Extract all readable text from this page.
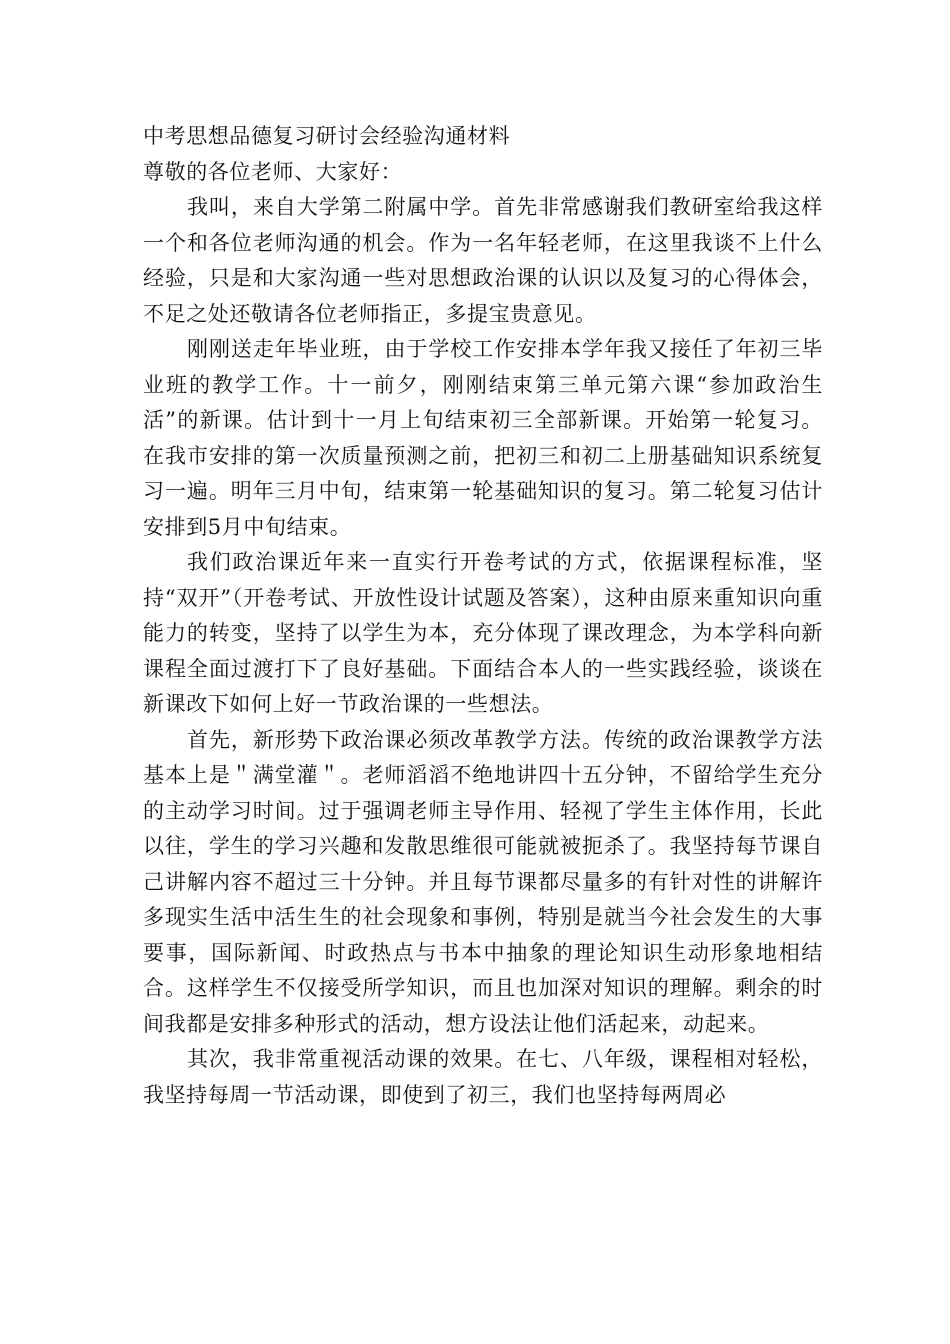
中考思想品德复习研讨会经验沟通材料

尊敬的各位老师、大家好：

我叫，来自大学第二附属中学。首先非常感谢我们教研室给我这样一个和各位老师沟通的机会。作为一名年轻老师，在这里我谈不上什么经验，只是和大家沟通一些对思想政治课的认识以及复习的心得体会，不足之处还敬请各位老师指正，多提宝贵意见。

刚刚送走年毕业班，由于学校工作安排本学年我又接任了年初三毕业班的教学工作。十一前夕，刚刚结束第三单元第六课“参加政治生活”的新课。估计到十一月上旬结束初三全部新课。开始第一轮复习。在我市安排的第一次质量预测之前，把初三和初二上册基础知识系统复习一遍。明年三月中旬，结束第一轮基础知识的复习。第二轮复习估计安排到5月中旬结束。

我们政治课近年来一直实行开卷考试的方式，依据课程标准，坚持“双开”（开卷考试、开放性设计试题及答案），这种由原来重知识向重能力的转变，坚持了以学生为本，充分体现了课改理念，为本学科向新课程全面过渡打下了良好基础。下面结合本人的一些实践经验，谈谈在新课改下如何上好一节政治课的一些想法。

首先，新形势下政治课必须改革教学方法。传统的政治课教学方法基本上是＂满堂灌＂。老师滔滔不绝地讲四十五分钟，不留给学生充分的主动学习时间。过于强调老师主导作用、轻视了学生主体作用，长此以往，学生的学习兴趣和发散思维很可能就被扼杀了。我坚持每节课自己讲解内容不超过三十分钟。并且每节课都尽量多的有针对性的讲解许多现实生活中活生生的社会现象和事例，特别是就当今社会发生的大事要事，国际新闻、时政热点与书本中抽象的理论知识生动形象地相结合。这样学生不仅接受所学知识，而且也加深对知识的理解。剩余的时间我都是安排多种形式的活动，想方设法让他们活起来，动起来。

其次，我非常重视活动课的效果。在七、八年级，课程相对轻松，我坚持每周一节活动课，即使到了初三，我们也坚持每两周必
